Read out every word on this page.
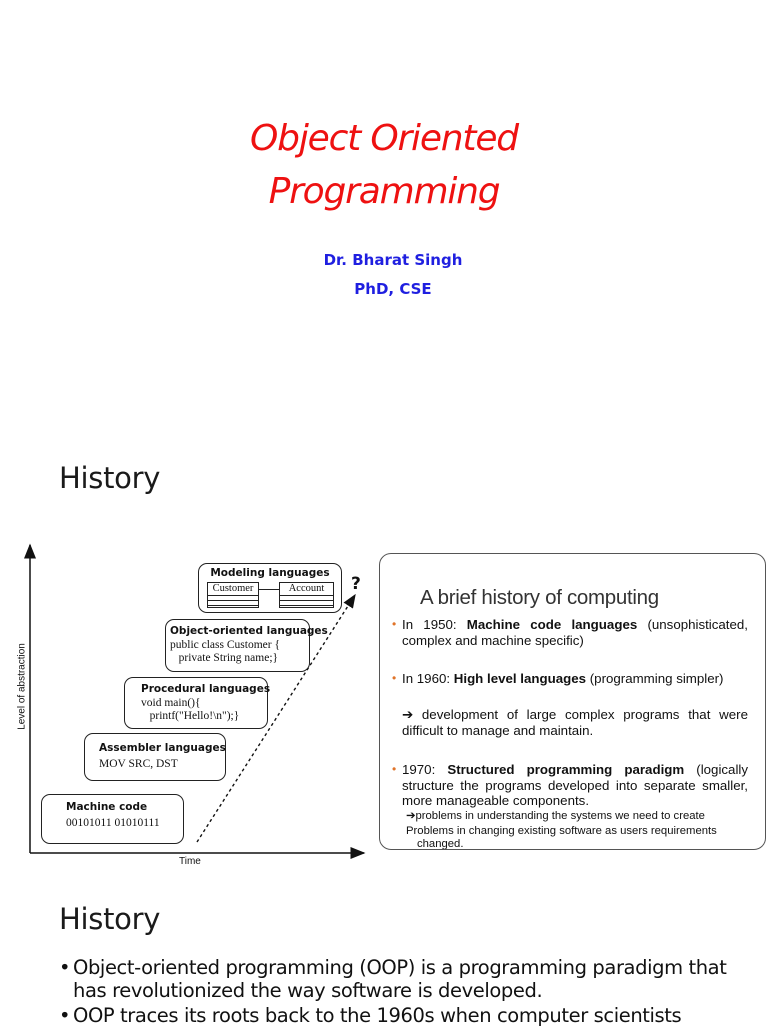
Object Oriented
Programming
Dr. Bharat Singh
PhD, CSE
History
Level of abstraction
Time
?
Machine code
00101011 01010111
Assembler languages
MOV SRC, DST
Procedural languages
void main(){
printf("Hello!\n");}
Object-oriented languages
public class Customer {
private String name;}
Modeling languages
Customer	Account	A brief history of computing
• In 1950: Machine code languages (unsophisticated, complex and machine specific)
• In 1960: High level languages (programming simpler)
➔ development of large complex programs that were difficult to manage and maintain.
• 1970: Structured programming paradigm (logically structure the programs developed into separate smaller, more manageable components.
➔problems in understanding the systems we need to create
Problems in changing existing software as users requirements
changed.
History
• Object-oriented programming (OOP) is a programming paradigm that has revolutionized the way software is developed.
• OOP traces its roots back to the 1960s when computer scientists
